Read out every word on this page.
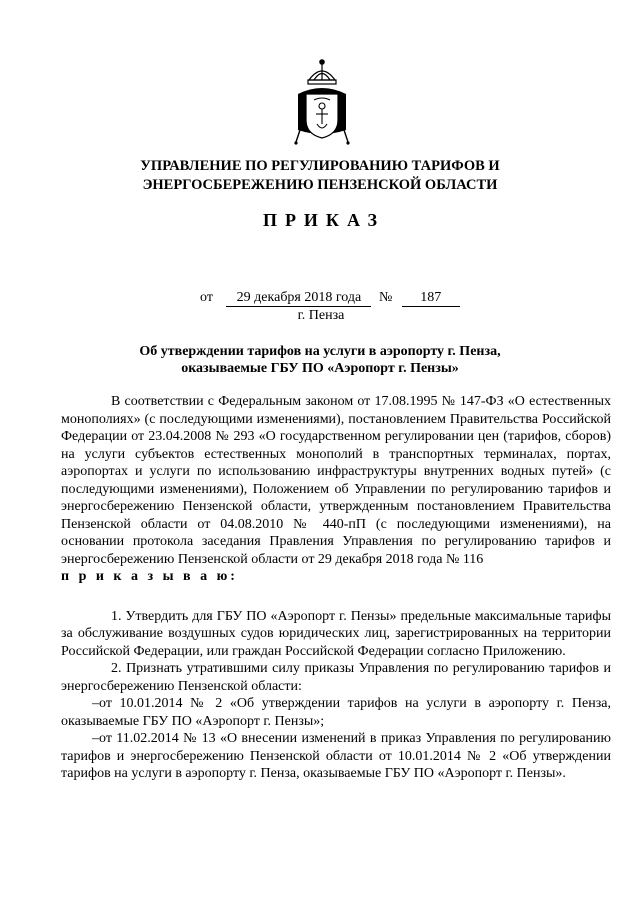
УПРАВЛЕНИЕ ПО РЕГУЛИРОВАНИЮ ТАРИФОВ И
ЭНЕРГОСБЕРЕЖЕНИЮ ПЕНЗЕНСКОЙ ОБЛАСТИ
ПРИКАЗ
от 29 декабря 2018 года № 187
г. Пенза
Об утверждении тарифов на услуги в аэропорту г. Пенза,
оказываемые ГБУ ПО «Аэропорт г. Пензы»

В соответствии с Федеральным законом от 17.08.1995 № 147-ФЗ «О естественных монополиях» (с последующими изменениями), постановлением Правительства Российской Федерации от 23.04.2008 № 293 «О государственном регулировании цен (тарифов, сборов) на услуги субъектов естественных монополий в транспортных терминалах, портах, аэропортах и услуги по использованию инфраструктуры внутренних водных путей» (с последующими изменениями), Положением об Управлении по регулированию тарифов и энергосбережению Пензенской области, утвержденным постановлением Правительства Пензенской области от 04.08.2010 № 440-пП (с последующими изменениями), на основании протокола заседания Правления Управления по регулированию тарифов и энергосбережению Пензенской области от 29 декабря 2018 года № 116

п р и к а з ы в а ю:

1. Утвердить для ГБУ ПО «Аэропорт г. Пензы» предельные максимальные тарифы за обслуживание воздушных судов юридических лиц, зарегистрированных на территории Российской Федерации, или граждан Российской Федерации согласно Приложению.

2. Признать утратившими силу приказы Управления по регулированию тарифов и энергосбережению Пензенской области:

–от 10.01.2014 № 2 «Об утверждении тарифов на услуги в аэропорту г. Пенза, оказываемые ГБУ ПО «Аэропорт г. Пензы»;

–от 11.02.2014 № 13 «О внесении изменений в приказ Управления по регулированию тарифов и энергосбережению Пензенской области от 10.01.2014 № 2 «Об утверждении тарифов на услуги в аэропорту г. Пенза, оказываемые ГБУ ПО «Аэропорт г. Пензы».
